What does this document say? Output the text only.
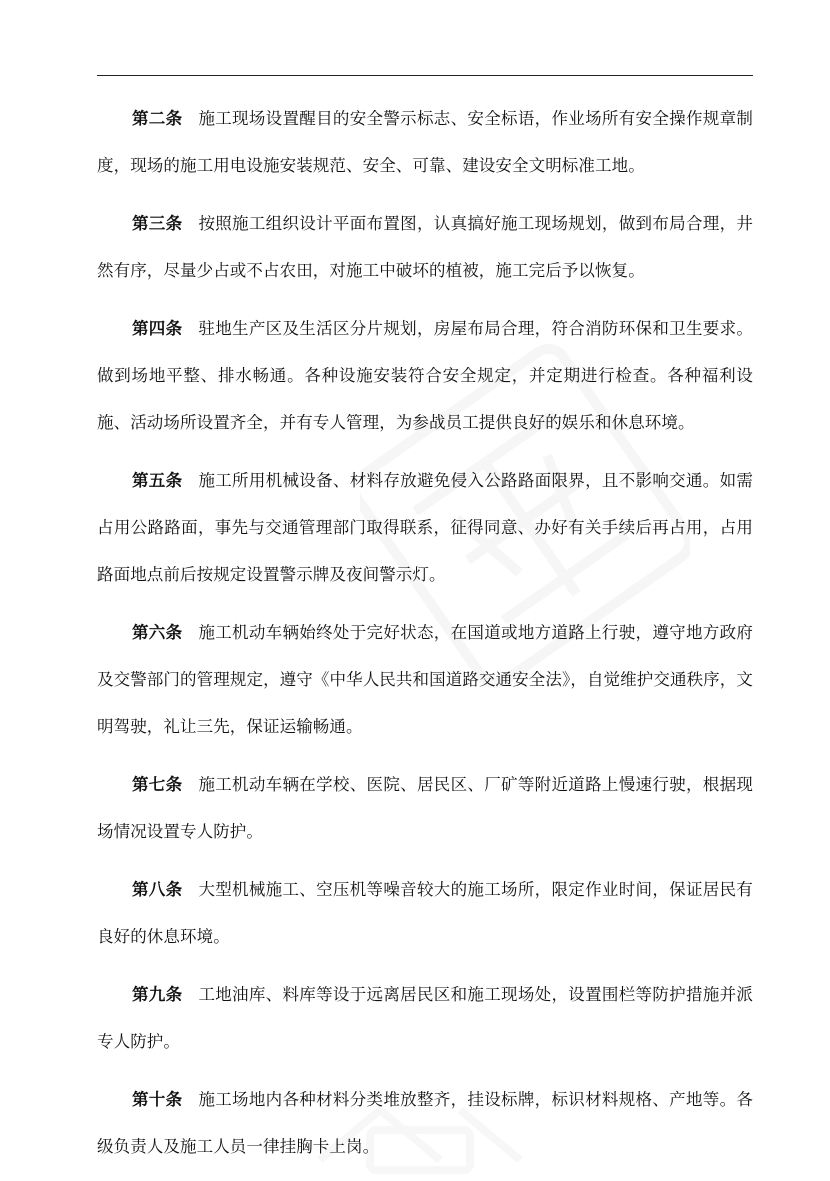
第二条 施工现场设置醒目的安全警示标志、安全标语，作业场所有安全操作规章制度，现场的施工用电设施安装规范、安全、可靠、建设安全文明标准工地。

第三条 按照施工组织设计平面布置图，认真搞好施工现场规划，做到布局合理，井然有序，尽量少占或不占农田，对施工中破坏的植被，施工完后予以恢复。

第四条 驻地生产区及生活区分片规划，房屋布局合理，符合消防环保和卫生要求。做到场地平整、排水畅通。各种设施安装符合安全规定，并定期进行检查。各种福利设施、活动场所设置齐全，并有专人管理，为参战员工提供良好的娱乐和休息环境。

第五条 施工所用机械设备、材料存放避免侵入公路路面限界，且不影响交通。如需占用公路路面，事先与交通管理部门取得联系，征得同意、办好有关手续后再占用，占用路面地点前后按规定设置警示牌及夜间警示灯。

第六条 施工机动车辆始终处于完好状态，在国道或地方道路上行驶，遵守地方政府及交警部门的管理规定，遵守《中华人民共和国道路交通安全法》，自觉维护交通秩序，文明驾驶，礼让三先，保证运输畅通。

第七条 施工机动车辆在学校、医院、居民区、厂矿等附近道路上慢速行驶，根据现场情况设置专人防护。

第八条 大型机械施工、空压机等噪音较大的施工场所，限定作业时间，保证居民有良好的休息环境。

第九条 工地油库、料库等设于远离居民区和施工现场处，设置围栏等防护措施并派专人防护。

第十条 施工场地内各种材料分类堆放整齐，挂设标牌，标识材料规格、产地等。各级负责人及施工人员一律挂胸卡上岗。
